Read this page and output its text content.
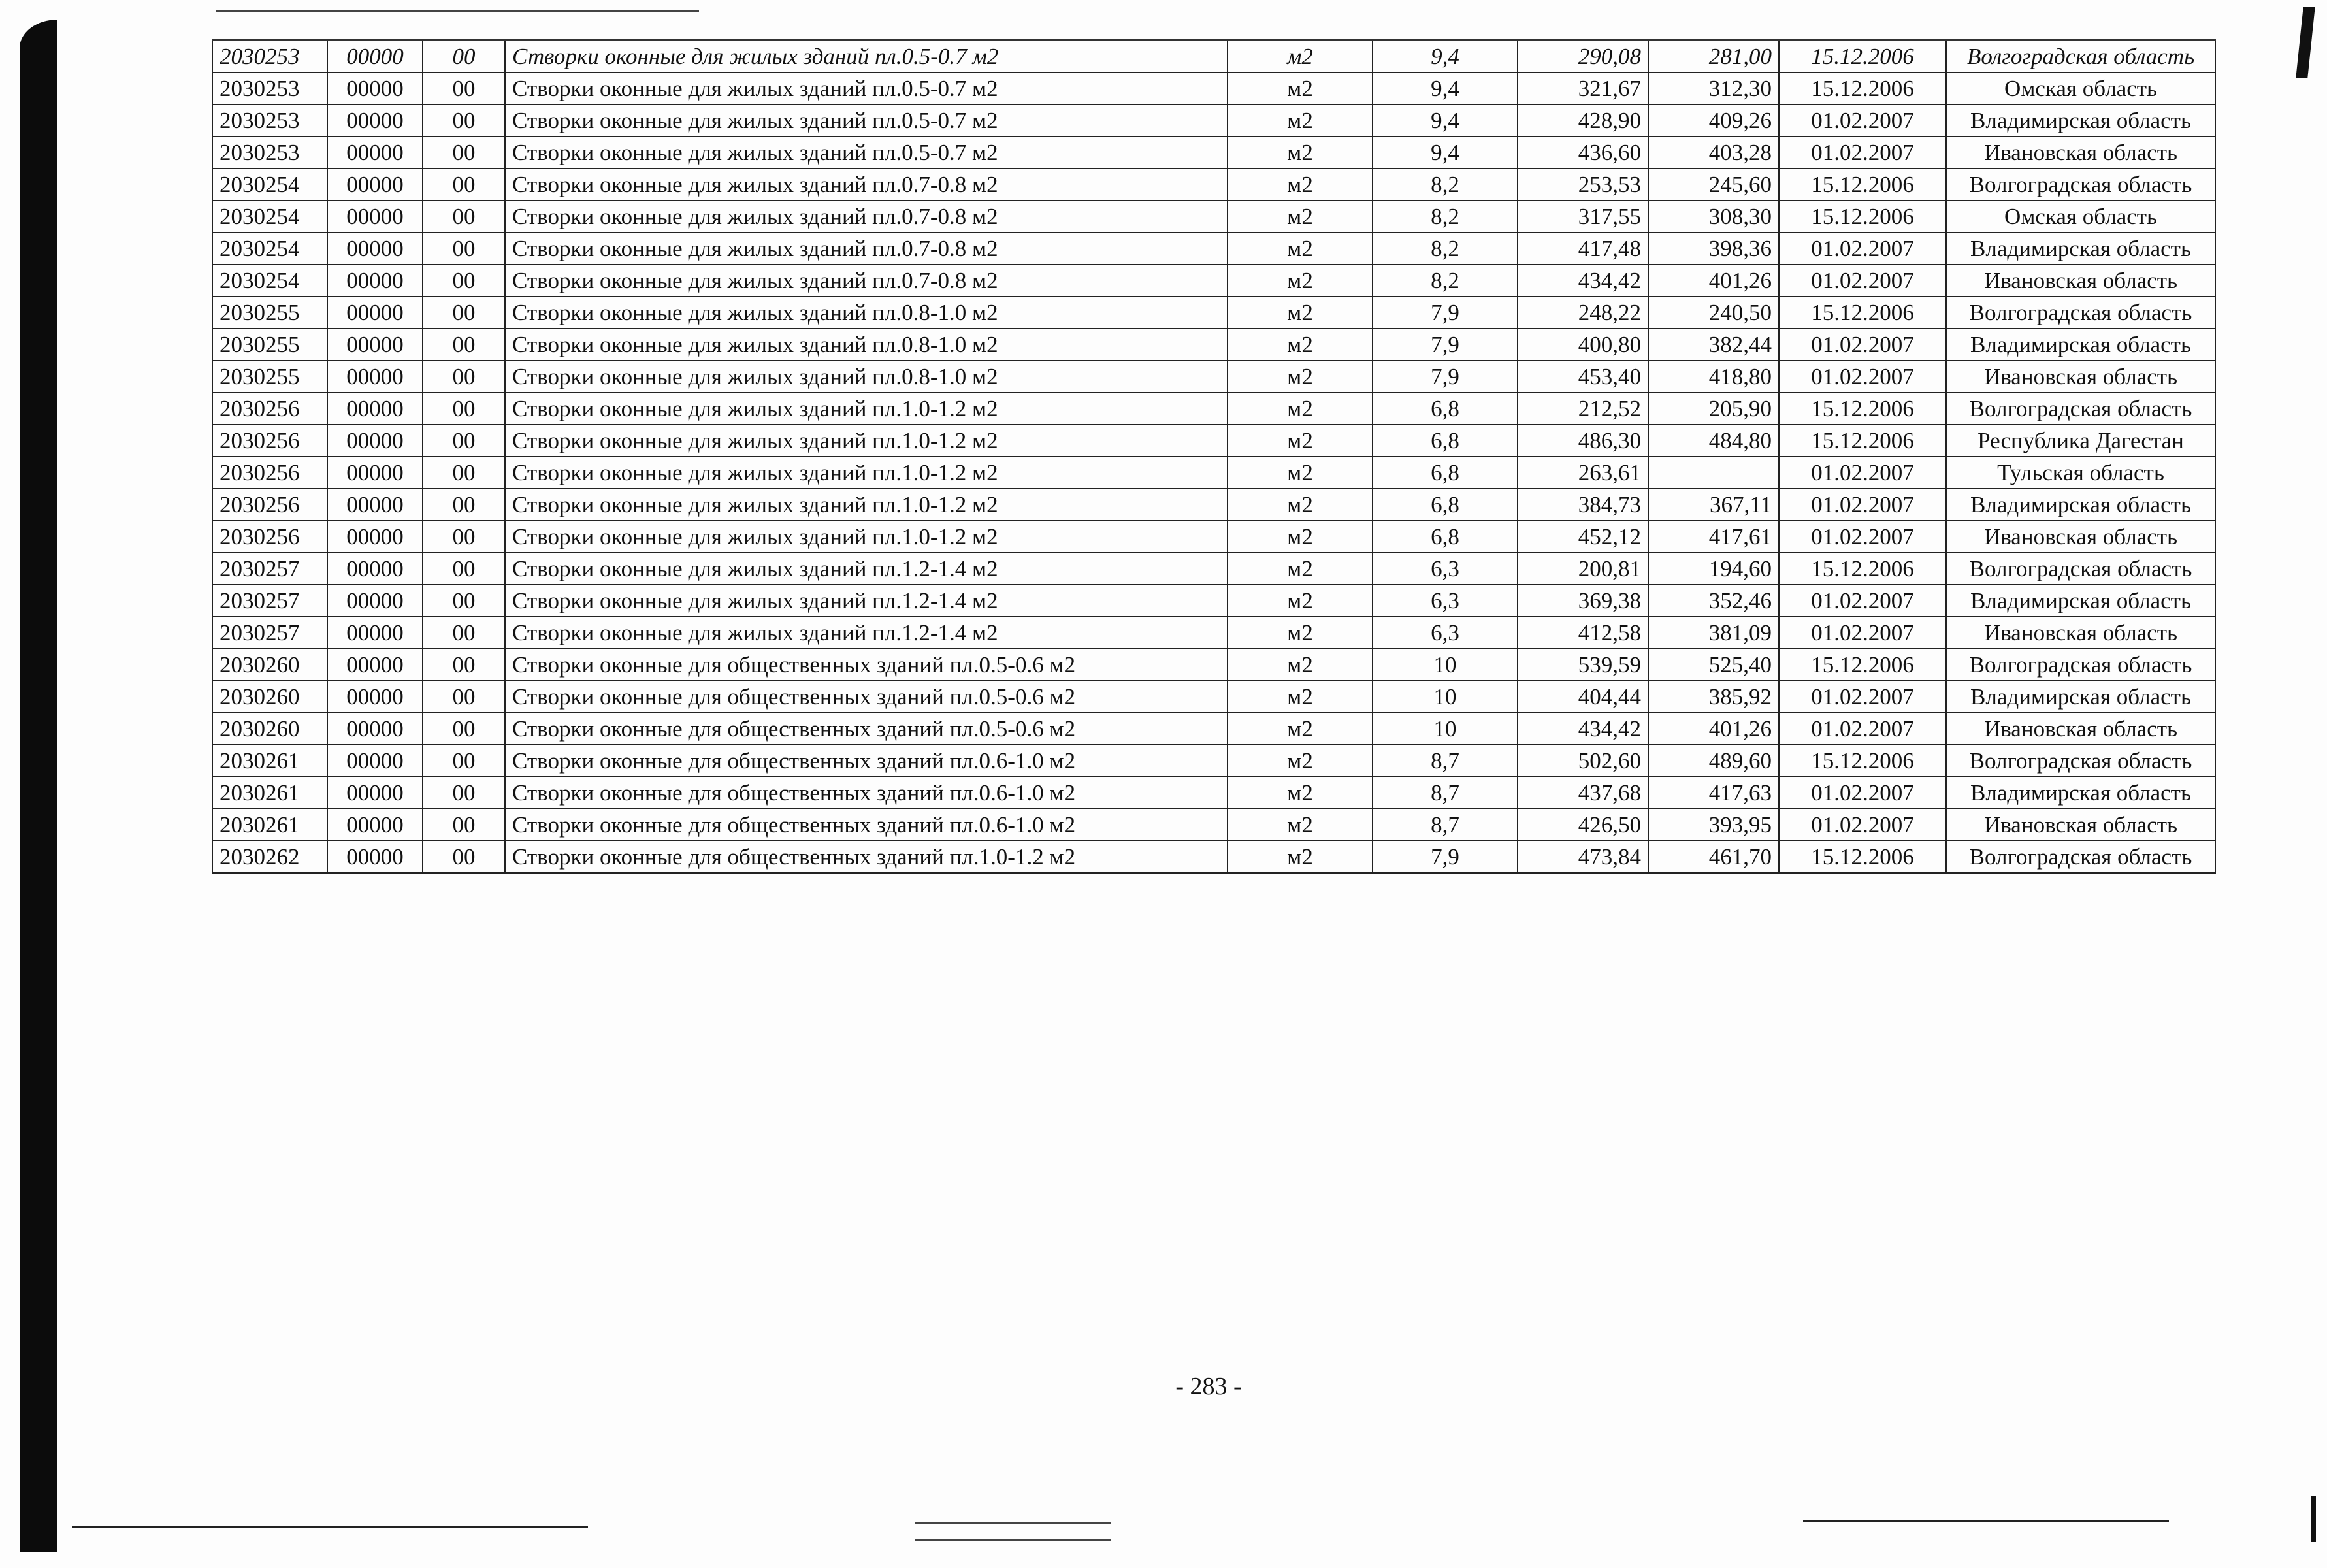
2030253	00000	00	Створки оконные для жилых зданий пл.0.5-0.7 м2	м2	9,4	290,08	281,00	15.12.2006	Волгоградская область
2030253	00000	00	Створки оконные для жилых зданий пл.0.5-0.7 м2	м2	9,4	321,67	312,30	15.12.2006	Омская область
2030253	00000	00	Створки оконные для жилых зданий пл.0.5-0.7 м2	м2	9,4	428,90	409,26	01.02.2007	Владимирская область
2030253	00000	00	Створки оконные для жилых зданий пл.0.5-0.7 м2	м2	9,4	436,60	403,28	01.02.2007	Ивановская область
2030254	00000	00	Створки оконные для жилых зданий пл.0.7-0.8 м2	м2	8,2	253,53	245,60	15.12.2006	Волгоградская область
2030254	00000	00	Створки оконные для жилых зданий пл.0.7-0.8 м2	м2	8,2	317,55	308,30	15.12.2006	Омская область
2030254	00000	00	Створки оконные для жилых зданий пл.0.7-0.8 м2	м2	8,2	417,48	398,36	01.02.2007	Владимирская область
2030254	00000	00	Створки оконные для жилых зданий пл.0.7-0.8 м2	м2	8,2	434,42	401,26	01.02.2007	Ивановская область
2030255	00000	00	Створки оконные для жилых зданий пл.0.8-1.0 м2	м2	7,9	248,22	240,50	15.12.2006	Волгоградская область
2030255	00000	00	Створки оконные для жилых зданий пл.0.8-1.0 м2	м2	7,9	400,80	382,44	01.02.2007	Владимирская область
2030255	00000	00	Створки оконные для жилых зданий пл.0.8-1.0 м2	м2	7,9	453,40	418,80	01.02.2007	Ивановская область
2030256	00000	00	Створки оконные для жилых зданий пл.1.0-1.2 м2	м2	6,8	212,52	205,90	15.12.2006	Волгоградская область
2030256	00000	00	Створки оконные для жилых зданий пл.1.0-1.2 м2	м2	6,8	486,30	484,80	15.12.2006	Республика Дагестан
2030256	00000	00	Створки оконные для жилых зданий пл.1.0-1.2 м2	м2	6,8	263,61		01.02.2007	Тульская область
2030256	00000	00	Створки оконные для жилых зданий пл.1.0-1.2 м2	м2	6,8	384,73	367,11	01.02.2007	Владимирская область
2030256	00000	00	Створки оконные для жилых зданий пл.1.0-1.2 м2	м2	6,8	452,12	417,61	01.02.2007	Ивановская область
2030257	00000	00	Створки оконные для жилых зданий пл.1.2-1.4 м2	м2	6,3	200,81	194,60	15.12.2006	Волгоградская область
2030257	00000	00	Створки оконные для жилых зданий пл.1.2-1.4 м2	м2	6,3	369,38	352,46	01.02.2007	Владимирская область
2030257	00000	00	Створки оконные для жилых зданий пл.1.2-1.4 м2	м2	6,3	412,58	381,09	01.02.2007	Ивановская область
2030260	00000	00	Створки оконные для общественных зданий пл.0.5-0.6 м2	м2	10	539,59	525,40	15.12.2006	Волгоградская область
2030260	00000	00	Створки оконные для общественных зданий пл.0.5-0.6 м2	м2	10	404,44	385,92	01.02.2007	Владимирская область
2030260	00000	00	Створки оконные для общественных зданий пл.0.5-0.6 м2	м2	10	434,42	401,26	01.02.2007	Ивановская область
2030261	00000	00	Створки оконные для общественных зданий пл.0.6-1.0 м2	м2	8,7	502,60	489,60	15.12.2006	Волгоградская область
2030261	00000	00	Створки оконные для общественных зданий пл.0.6-1.0 м2	м2	8,7	437,68	417,63	01.02.2007	Владимирская область
2030261	00000	00	Створки оконные для общественных зданий пл.0.6-1.0 м2	м2	8,7	426,50	393,95	01.02.2007	Ивановская область
2030262	00000	00	Створки оконные для общественных зданий пл.1.0-1.2 м2	м2	7,9	473,84	461,70	15.12.2006	Волгоградская область
- 283 -
